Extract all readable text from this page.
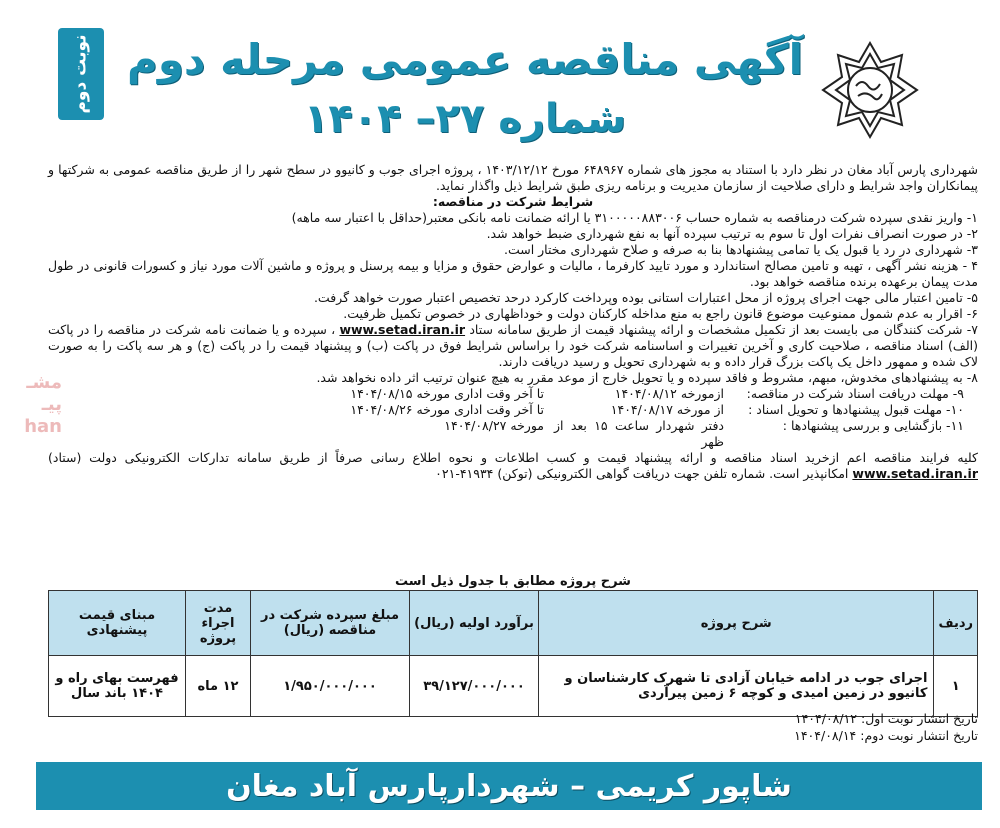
نوبت دوم آگهی مناقصه عمومی مرحله دوم
شماره ۲۷– ۱۴۰۴
مشـ
پیـ
han

شهرداری پارس آباد مغان در نظر دارد با استناد به مجوز های شماره ۶۴۸۹۶۷ مورخ ۱۴۰۳/۱۲/۱۲ ، پروژه اجرای جوب و کانیوو در سطح شهر را از طریق مناقصه عمومی به شرکتها و پیمانکاران واجد شرایط و دارای صلاحیت از سازمان مدیریت و برنامه ریزی طبق شرایط ذیل واگذار نماید.

شرایط شرکت در مناقصه:

۱- واریز نقدی سپرده شرکت درمناقصه به شماره حساب ۳۱۰۰۰۰۰۸۸۳۰۰۶ یا ارائه ضمانت نامه بانکی معتبر(حداقل با اعتبار سه ماهه)

۲- در صورت انصراف نفرات اول تا سوم به ترتیب سپرده آنها به نفع شهرداری ضبط خواهد شد.

۳- شهرداری در رد یا قبول یک یا تمامی پیشنهادها بنا به صرفه و صلاح شهرداری مختار است.

۴ - هزینه نشر آگهی ، تهیه و تامین مصالح استاندارد و مورد تایید کارفرما ، مالیات و عوارض حقوق و مزایا و بیمه پرسنل و پروژه و ماشین آلات مورد نیاز و کسورات قانونی در طول مدت پیمان برعهده برنده مناقصه خواهد بود.

۵- تامین اعتبار مالی جهت اجرای پروژه از محل اعتبارات استانی بوده وپرداخت کارکرد درحد تخصیص اعتبار صورت خواهد گرفت.

۶- اقرار به عدم شمول ممنوعیت موضوع قانون راجع به منع مداخله کارکنان دولت و خوداظهاری در خصوص تکمیل ظرفیت.

۷- شرکت کنندگان می بایست بعد از تکمیل مشخصات و ارائه پیشنهاد قیمت از طریق سامانه ستاد www.setad.iran.ir ، سپرده و یا ضمانت نامه شرکت در مناقصه را در پاکت (الف) اسناد مناقصه ، صلاحیت کاری و آخرین تغییرات و اساسنامه شرکت خود را براساس شرایط فوق در پاکت (ب) و پیشنهاد قیمت را در پاکت (ج) و هر سه پاکت را به صورت لاک شده و ممهور داخل یک پاکت بزرگ قرار داده و به شهرداری تحویل و رسید دریافت دارند.

۸- به پیشنهادهای مخدوش، مبهم، مشروط و فاقد سپرده و یا تحویل خارج از موعد مقرر به هیچ عنوان ترتیب اثر داده نخواهد شد.

۹- مهلت دریافت اسناد شرکت در مناقصه:
ازمورخه ۱۴۰۴/۰۸/۱۲
تا آخر وقت اداری مورخه ۱۴۰۴/۰۸/۱۵
۱۰- مهلت قبول پیشنهادها و تحویل اسناد :
از مورخه ۱۴۰۴/۰۸/۱۷
تا آخر وقت اداری مورخه ۱۴۰۴/۰۸/۲۶
۱۱- بازگشایی و بررسی پیشنهادها :
دفتر شهردار ساعت ۱۵ بعد از ظهر
مورخه ۱۴۰۴/۰۸/۲۷

کلیه فرایند مناقصه اعم ازخرید اسناد مناقصه و ارائه پیشنهاد قیمت و کسب اطلاعات و نحوه اطلاع رسانی صرفاً از طریق سامانه تدارکات الکترونیکی دولت (ستاد) www.setad.iran.ir امکانپذیر است. شماره تلفن جهت دریافت گواهی الکترونیکی (توکن) ۴۱۹۳۴-۰۲۱

شرح پروژه مطابق با جدول ذیل است
ردیف	شرح پروژه	برآورد اولیه (ریال)	مبلغ سپرده شرکت در مناقصه (ریال)	مدت اجراء پروژه	مبنای قیمت پیشنهادی
۱	اجرای جوب در ادامه خیابان آزادی تا شهرک کارشناسان و کانیوو در زمین امیدی و کوچه ۶ زمین پیرآردی	۳۹/۱۲۷/۰۰۰/۰۰۰	۱/۹۵۰/۰۰۰/۰۰۰	۱۲ ماه	فهرست بهای راه و ۱۴۰۴ باند سال
تاریخ انتشار نوبت اول: ۱۴۰۴/۰۸/۱۲
تاریخ انتشار نوبت دوم: ۱۴۰۴/۰۸/۱۴
شاپور کریمی – شهردارپارس آباد مغان
